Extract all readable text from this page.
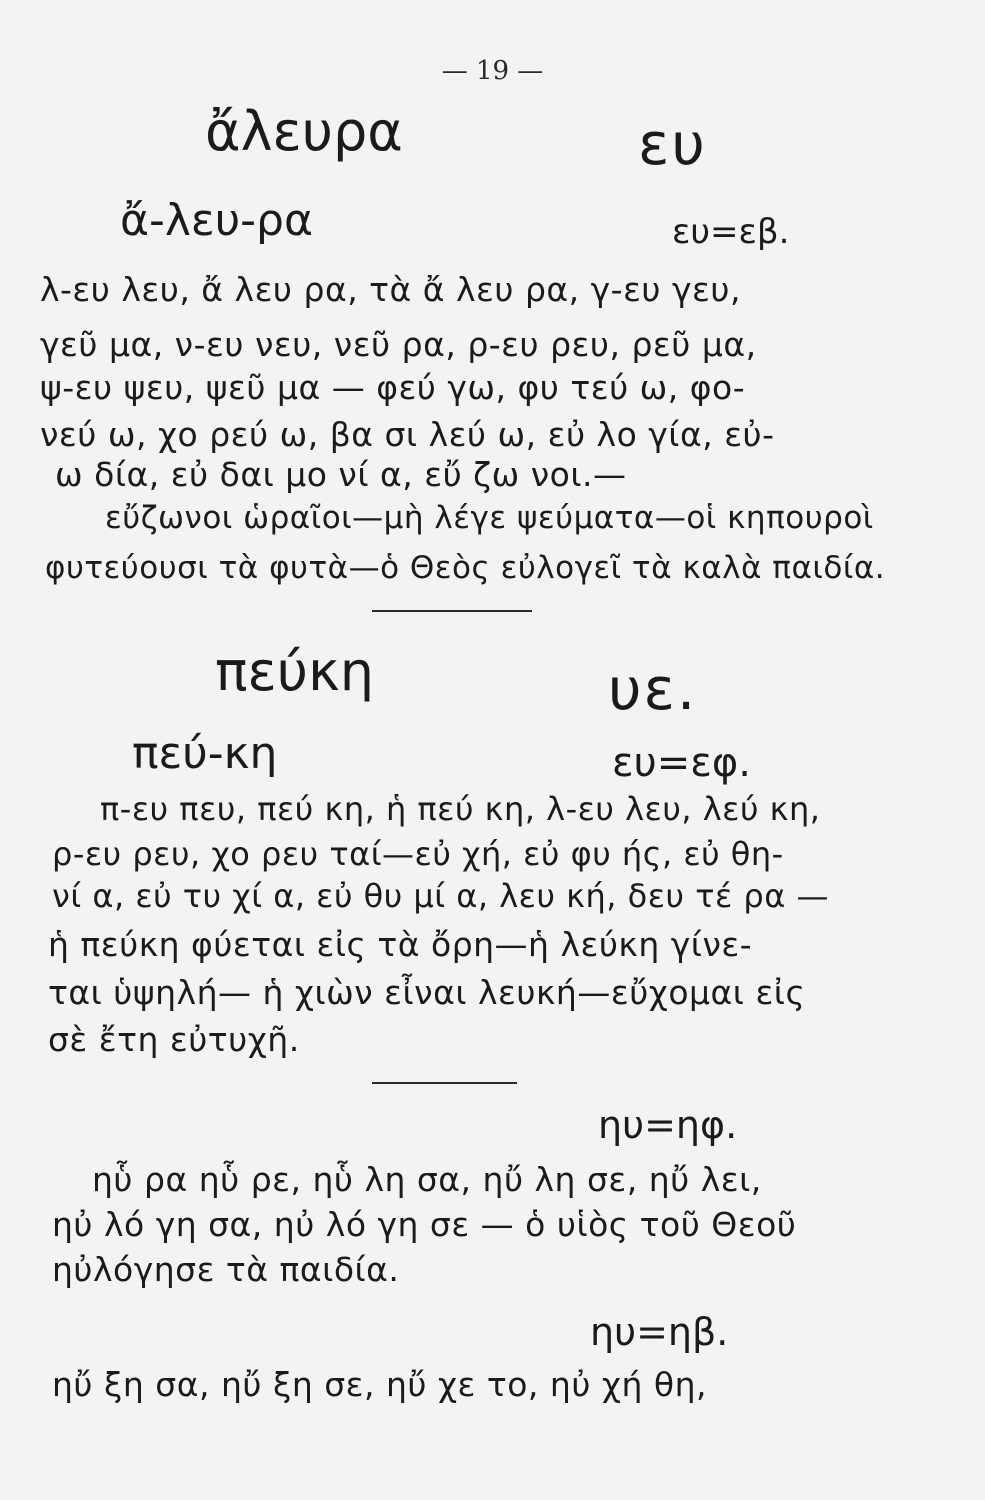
— 19 —
ἄλευρα	ευ
ἄ-λευ-ρα	ευ=εβ.
λ-ευ λευ, ἄ λευ ρα, τὰ ἄ λευ ρα, γ-ευ γευ,
γεῦ μα, ν-ευ νευ, νεῦ ρα, ρ-ευ ρευ, ρεῦ μα,
ψ-ευ ψευ, ψεῦ μα — φεύ γω, φυ τεύ ω, φο-
νεύ ω, χο ρεύ ω, βα σι λεύ ω, εὐ λο γία, εὐ-
ω δία, εὐ δαι μο νί α, εὔ ζω νοι.—
εὔζωνοι ὡραῖοι—μὴ λέγε ψεύματα—οἱ κηπουροὶ
φυτεύουσι τὰ φυτὰ—ὁ Θεὸς εὐλογεῖ τὰ καλὰ παιδία.
πεύκη	υε.
πεύ-κη	ευ=εφ.
π-ευ πευ, πεύ κη, ἡ πεύ κη, λ-ευ λευ, λεύ κη,
ρ-ευ ρευ, χο ρευ ταί—εὐ χή, εὐ φυ ής, εὐ θη-
νί α, εὐ τυ χί α, εὐ θυ μί α, λευ κή, δευ τέ ρα —
ἡ πεύκη φύεται εἰς τὰ ὄρη—ἡ λεύκη γίνε-
ται ὑψηλή— ἡ χιὼν εἶναι λευκή—εὔχομαι εἰς
σὲ ἔτη εὐτυχῆ.
ηυ=ηφ.
ηὗ ρα ηὗ ρε, ηὗ λη σα, ηὔ λη σε, ηὔ λει,
ηὐ λό γη σα, ηὐ λό γη σε — ὁ υἱὸς τοῦ Θεοῦ
ηὐλόγησε τὰ παιδία.
ηυ=ηβ.
ηὔ ξη σα, ηὔ ξη σε, ηὔ χε το, ηὐ χή θη,
